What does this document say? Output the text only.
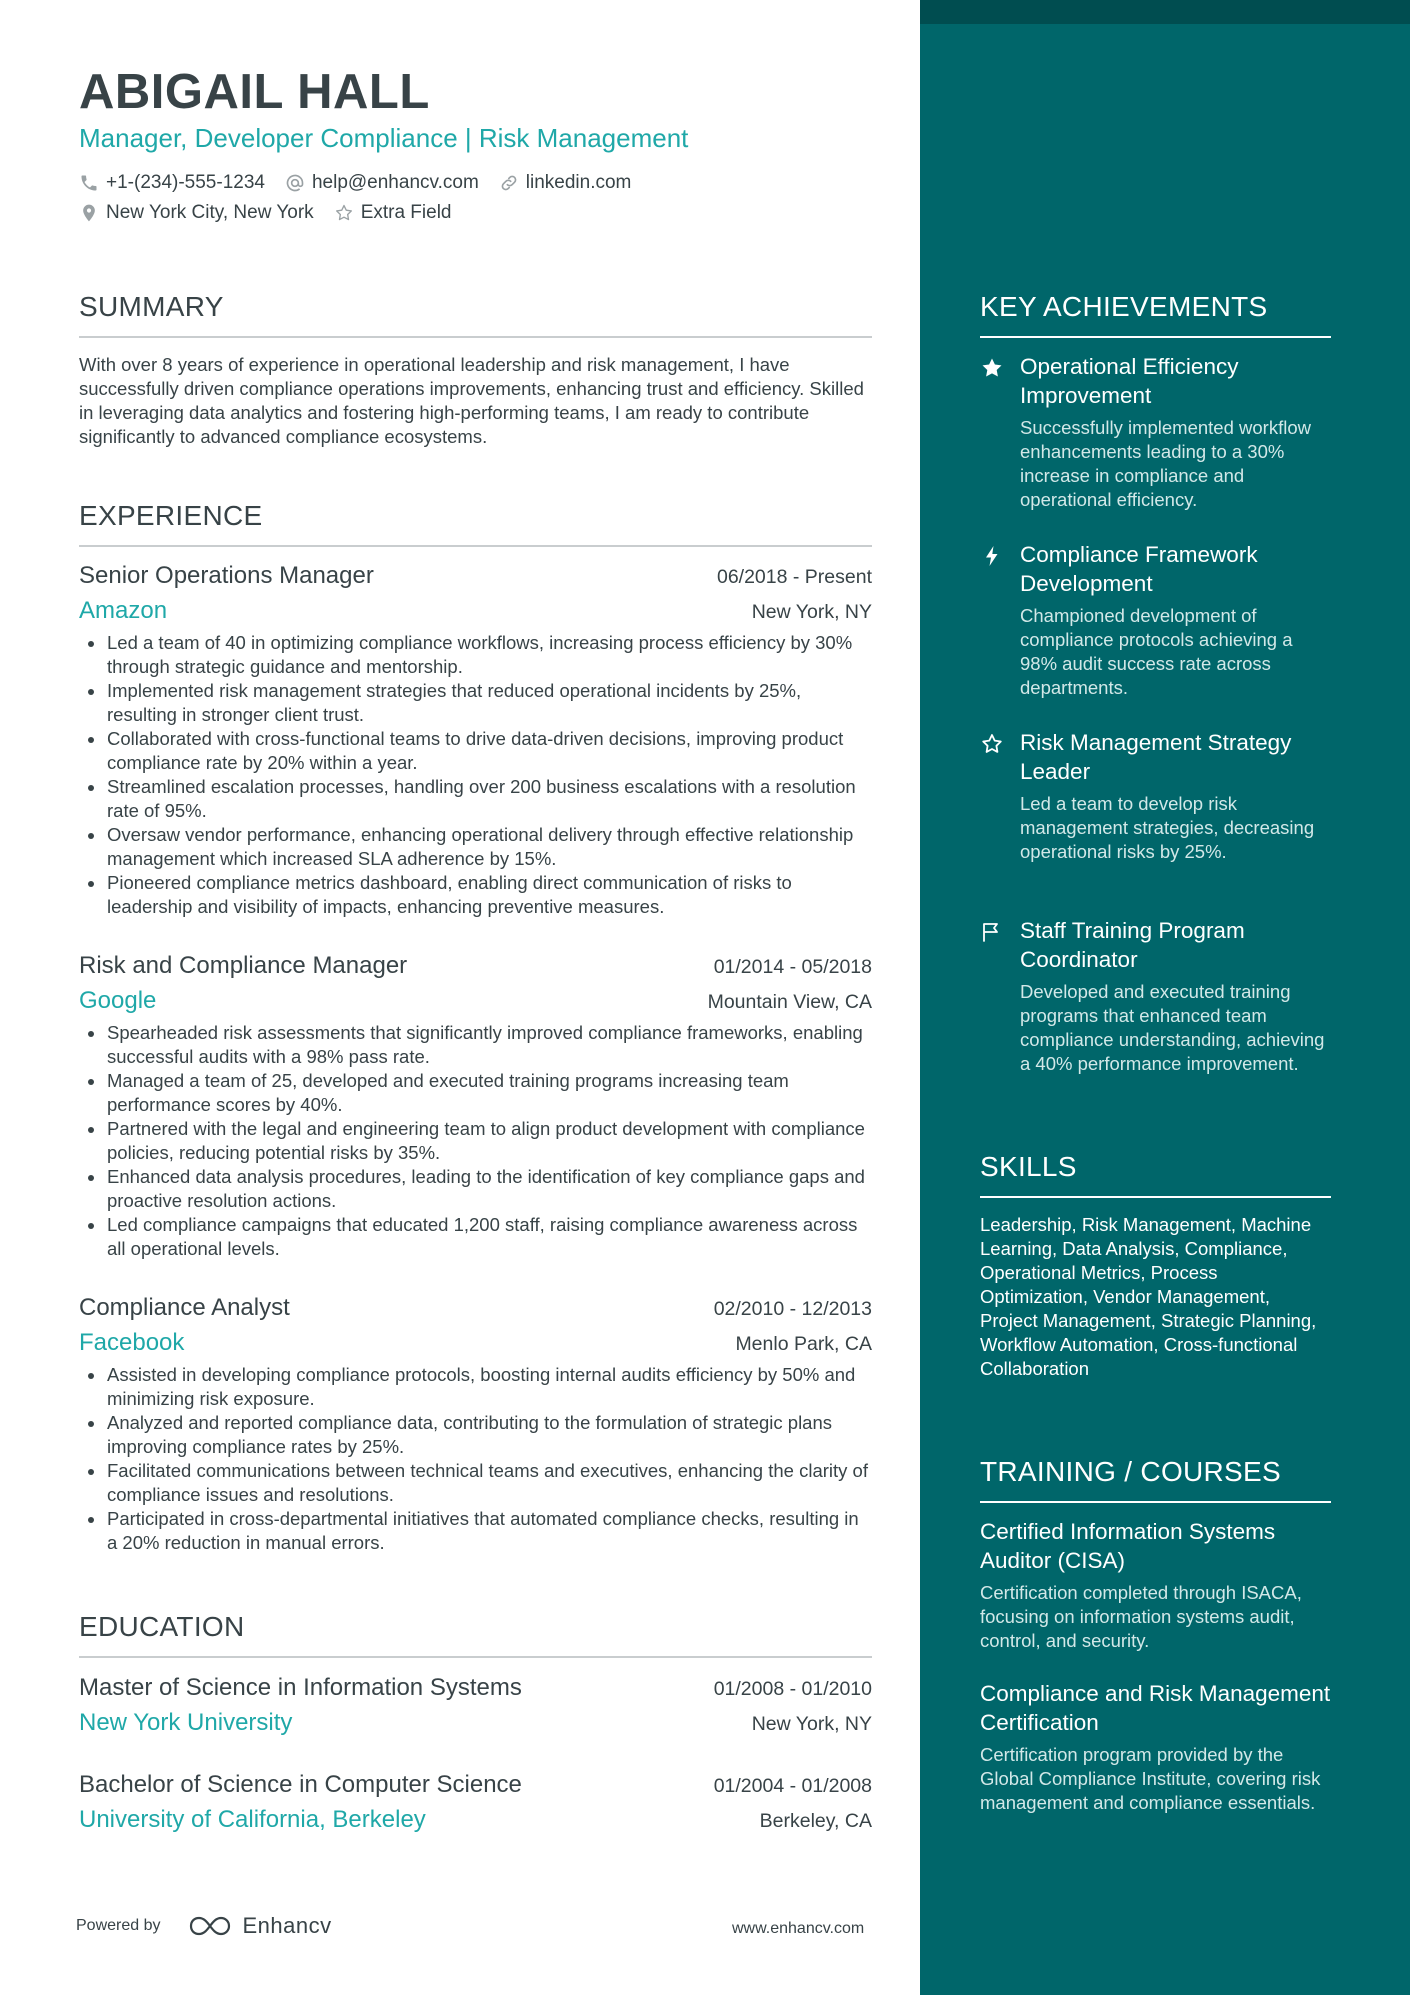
ABIGAIL HALL
Manager, Developer Compliance | Risk Management
+1-(234)-555-1234 help@enhancv.com linkedin.com
New York City, New York Extra Field
SUMMARY
With over 8 years of experience in operational leadership and risk management, I have successfully driven compliance operations improvements, enhancing trust and efficiency. Skilled in leveraging data analytics and fostering high-performing teams, I am ready to contribute significantly to advanced compliance ecosystems.
EXPERIENCE
Senior Operations Manager	06/2018 - Present
Amazon	New York, NY
Led a team of 40 in optimizing compliance workflows, increasing process efficiency by 30% through strategic guidance and mentorship.
Implemented risk management strategies that reduced operational incidents by 25%, resulting in stronger client trust.
Collaborated with cross-functional teams to drive data-driven decisions, improving product compliance rate by 20% within a year.
Streamlined escalation processes, handling over 200 business escalations with a resolution rate of 95%.
Oversaw vendor performance, enhancing operational delivery through effective relationship management which increased SLA adherence by 15%.
Pioneered compliance metrics dashboard, enabling direct communication of risks to leadership and visibility of impacts, enhancing preventive measures.
Risk and Compliance Manager	01/2014 - 05/2018
Google	Mountain View, CA
Spearheaded risk assessments that significantly improved compliance frameworks, enabling successful audits with a 98% pass rate.
Managed a team of 25, developed and executed training programs increasing team performance scores by 40%.
Partnered with the legal and engineering team to align product development with compliance policies, reducing potential risks by 35%.
Enhanced data analysis procedures, leading to the identification of key compliance gaps and proactive resolution actions.
Led compliance campaigns that educated 1,200 staff, raising compliance awareness across all operational levels.
Compliance Analyst	02/2010 - 12/2013
Facebook	Menlo Park, CA
Assisted in developing compliance protocols, boosting internal audits efficiency by 50% and minimizing risk exposure.
Analyzed and reported compliance data, contributing to the formulation of strategic plans improving compliance rates by 25%.
Facilitated communications between technical teams and executives, enhancing the clarity of compliance issues and resolutions.
Participated in cross-departmental initiatives that automated compliance checks, resulting in a 20% reduction in manual errors.
EDUCATION
Master of Science in Information Systems	01/2008 - 01/2010
New York University	New York, NY
Bachelor of Science in Computer Science	01/2004 - 01/2008
University of California, Berkeley	Berkeley, CA
KEY ACHIEVEMENTS
Operational Efficiency Improvement
Successfully implemented workflow enhancements leading to a 30% increase in compliance and operational efficiency.
Compliance Framework Development
Championed development of compliance protocols achieving a 98% audit success rate across departments.
Risk Management Strategy Leader
Led a team to develop risk management strategies, decreasing operational risks by 25%.
Staff Training Program Coordinator
Developed and executed training programs that enhanced team compliance understanding, achieving a 40% performance improvement.
SKILLS
Leadership, Risk Management, Machine Learning, Data Analysis, Compliance, Operational Metrics, Process Optimization, Vendor Management, Project Management, Strategic Planning, Workflow Automation, Cross-functional Collaboration
TRAINING / COURSES
Certified Information Systems Auditor (CISA)
Certification completed through ISACA, focusing on information systems audit, control, and security.
Compliance and Risk Management Certification
Certification program provided by the Global Compliance Institute, covering risk management and compliance essentials.
Powered by	Enhancv	www.enhancv.com
